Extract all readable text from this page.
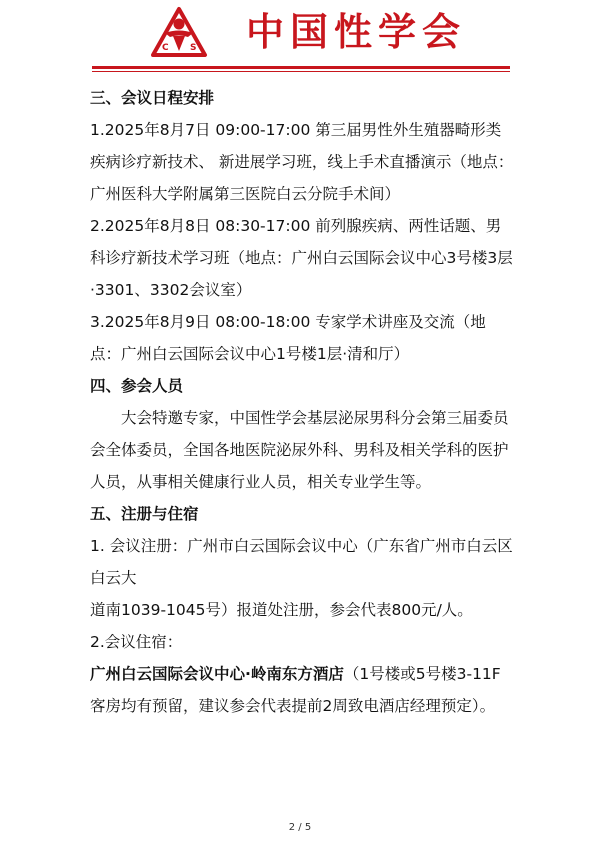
C S 中国性学会
三、会议日程安排
1.2025年8月7日 09:00-17:00 第三届男性外生殖器畸形类疾病诊疗新技术、 新进展学习班，线上手术直播演示（地点：广州医科大学附属第三医院白云分院手术间）
2.2025年8月8日 08:30-17:00 前列腺疾病、两性话题、男科诊疗新技术学习班（地点：广州白云国际会议中心3号楼3层·3301、3302会议室）
3.2025年8月9日 08:00-18:00 专家学术讲座及交流（地点：广州白云国际会议中心1号楼1层·清和厅）
四、参会人员
大会特邀专家，中国性学会基层泌尿男科分会第三届委员会全体委员，全国各地医院泌尿外科、男科及相关学科的医护人员，从事相关健康行业人员，相关专业学生等。
五、注册与住宿
1. 会议注册：广州市白云国际会议中心（广东省广州市白云区白云大
道南1039-1045号）报道处注册，参会代表800元/人。
2.会议住宿：
广州白云国际会议中心·岭南东方酒店（1号楼或5号楼3-11F客房均有预留，建议参会代表提前2周致电酒店经理预定）。
2 / 5
